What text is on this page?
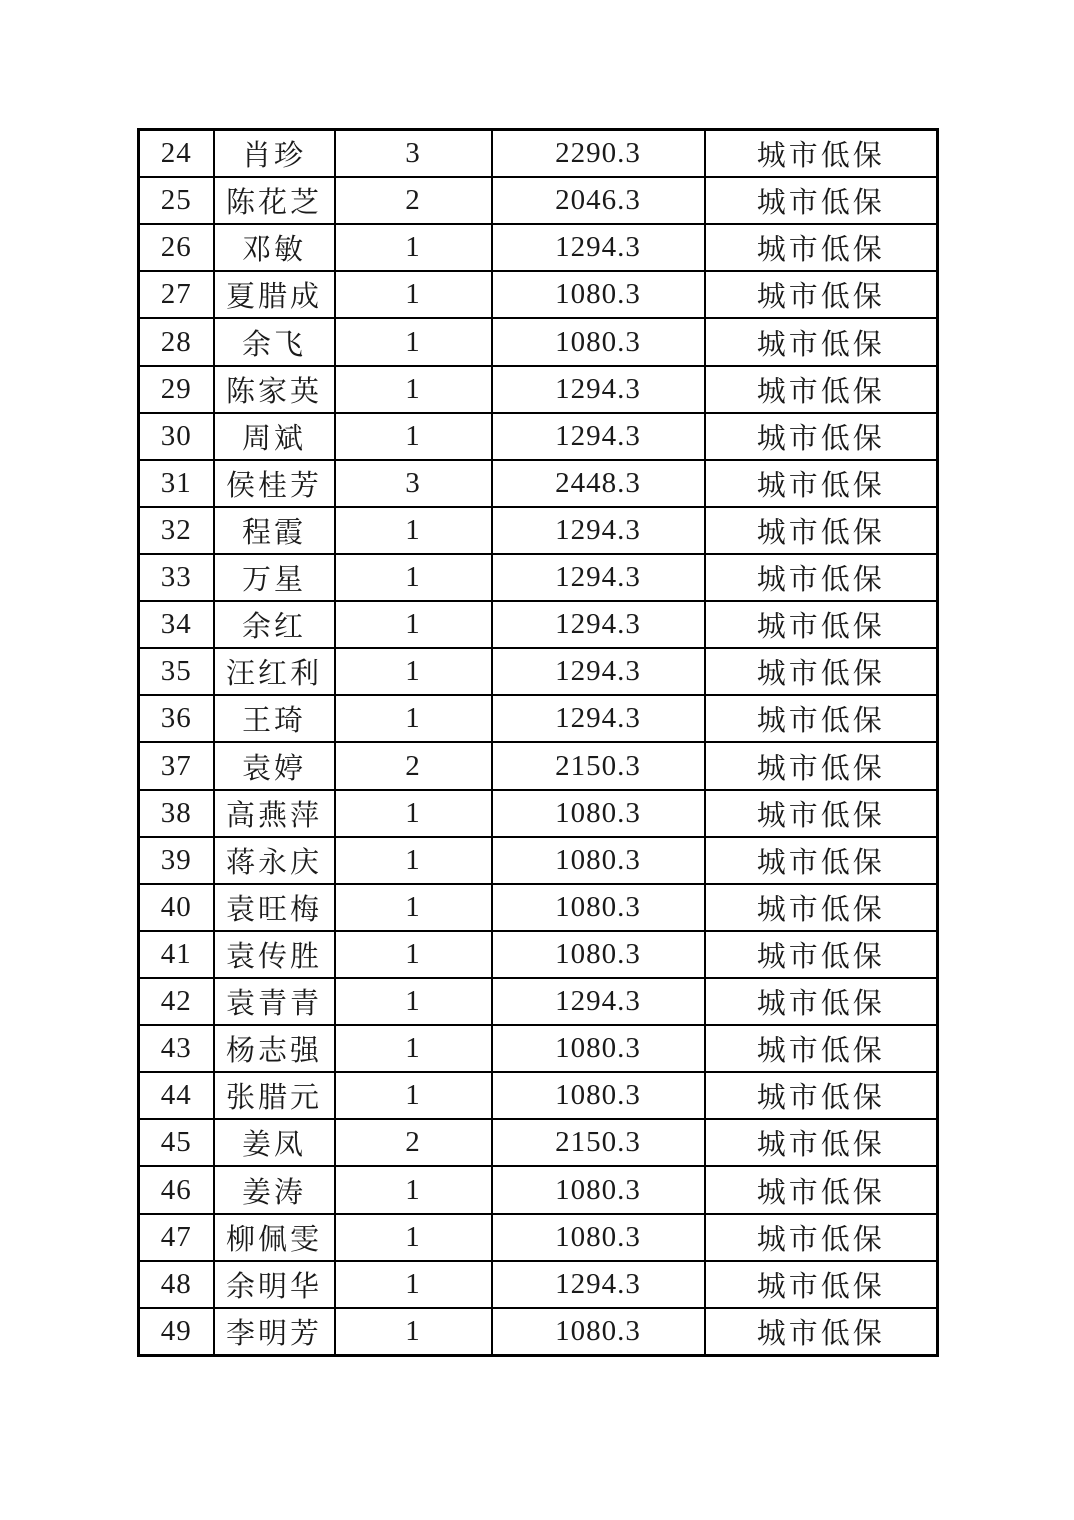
24	肖珍	3	2290.3	城市低保
25	陈花芝	2	2046.3	城市低保
26	邓敏	1	1294.3	城市低保
27	夏腊成	1	1080.3	城市低保
28	余飞	1	1080.3	城市低保
29	陈家英	1	1294.3	城市低保
30	周斌	1	1294.3	城市低保
31	侯桂芳	3	2448.3	城市低保
32	程霞	1	1294.3	城市低保
33	万星	1	1294.3	城市低保
34	余红	1	1294.3	城市低保
35	汪红利	1	1294.3	城市低保
36	王琦	1	1294.3	城市低保
37	袁婷	2	2150.3	城市低保
38	高燕萍	1	1080.3	城市低保
39	蒋永庆	1	1080.3	城市低保
40	袁旺梅	1	1080.3	城市低保
41	袁传胜	1	1080.3	城市低保
42	袁青青	1	1294.3	城市低保
43	杨志强	1	1080.3	城市低保
44	张腊元	1	1080.3	城市低保
45	姜凤	2	2150.3	城市低保
46	姜涛	1	1080.3	城市低保
47	柳佩雯	1	1080.3	城市低保
48	余明华	1	1294.3	城市低保
49	李明芳	1	1080.3	城市低保
